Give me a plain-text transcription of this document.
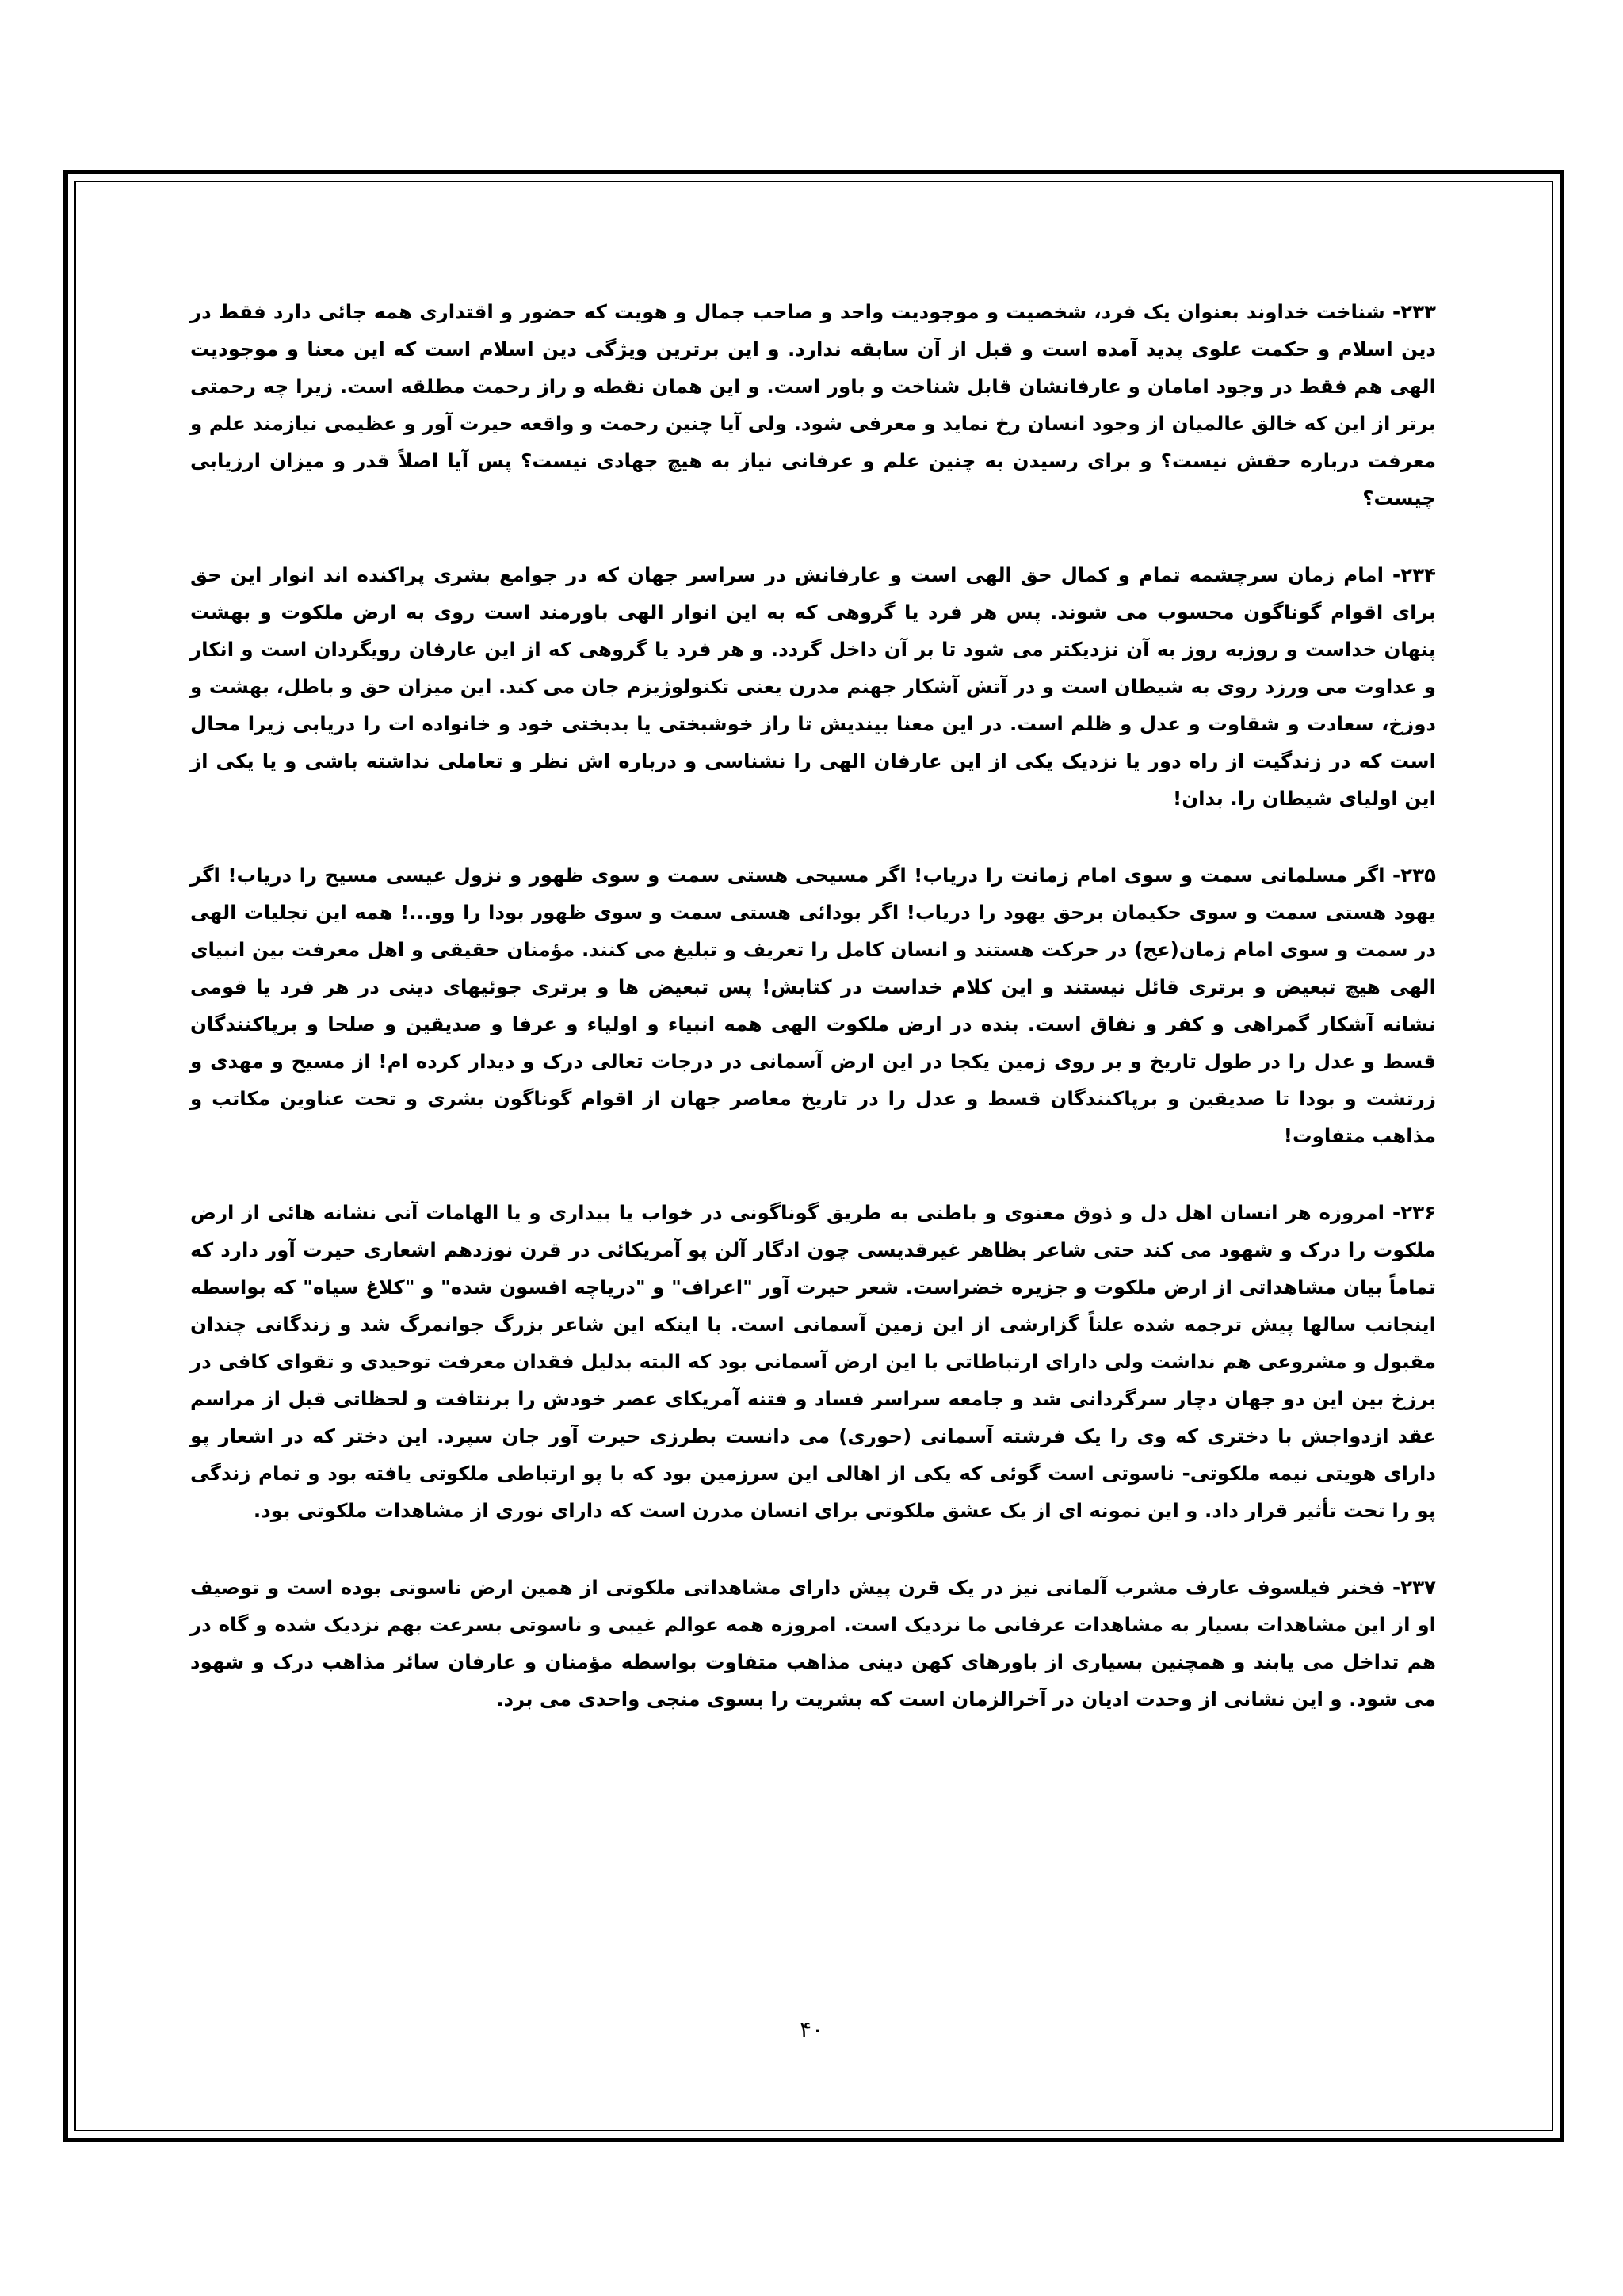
۲۳۳- شناخت خداوند بعنوان یک فرد، شخصیت و موجودیت واحد و صاحب جمال و هویت که حضور و اقتداری همه جائی دارد فقط در دین اسلام و حکمت علوی پدید آمده است و قبل از آن سابقه ندارد. و این برترین ویژگی دین اسلام است که این معنا و موجودیت الهی هم فقط در وجود امامان و عارفانشان قابل شناخت و باور است. و این همان نقطه و راز رحمت مطلقه است. زیرا چه رحمتی برتر از این که خالق عالمیان از وجود انسان رخ نماید و معرفی شود. ولی آیا چنین رحمت و واقعه حیرت آور و عظیمی نیازمند علم و معرفت درباره حقش نیست؟ و برای رسیدن به چنین علم و عرفانی نیاز به هیچ جهادی نیست؟ پس آیا اصلاً قدر و میزان ارزیابی چیست؟

۲۳۴- امام زمان سرچشمه تمام و کمال حق الهی است و عارفانش در سراسر جهان که در جوامع بشری پراکنده اند انوار این حق برای اقوام گوناگون محسوب می شوند. پس هر فرد یا گروهی که به این انوار الهی باورمند است روی به ارض ملکوت و بهشت پنهان خداست و روزبه روز به آن نزدیکتر می شود تا بر آن داخل گردد. و هر فرد یا گروهی که از این عارفان رویگردان است و انکار و عداوت می ورزد روی به شیطان است و در آتش آشکار جهنم مدرن یعنی تکنولوژیزم جان می کند. این میزان حق و باطل، بهشت و دوزخ، سعادت و شقاوت و عدل و ظلم است. در این معنا بیندیش تا راز خوشبختی یا بدبختی خود و خانواده ات را دریابی زیرا محال است که در زندگیت از راه دور یا نزدیک یکی از این عارفان الهی را نشناسی و درباره اش نظر و تعاملی نداشته باشی و یا یکی از این اولیای شیطان را. بدان!

۲۳۵- اگر مسلمانی سمت و سوی امام زمانت را دریاب! اگر مسیحی هستی سمت و سوی ظهور و نزول عیسی مسیح را دریاب! اگر یهود هستی سمت و سوی حکیمان برحق یهود را دریاب! اگر بودائی هستی سمت و سوی ظهور بودا را وو...! همه این تجلیات الهی در سمت و سوی امام زمان(عج) در حرکت هستند و انسان کامل را تعریف و تبلیغ می کنند. مؤمنان حقیقی و اهل معرفت بین انبیای الهی هیچ تبعیض و برتری قائل نیستند و این کلام خداست در کتابش! پس تبعیض ها و برتری جوئیهای دینی در هر فرد یا قومی نشانه آشکار گمراهی و کفر و نفاق است. بنده در ارض ملکوت الهی همه انبیاء و اولیاء و عرفا و صدیقین و صلحا و برپاکنندگان قسط و عدل را در طول تاریخ و بر روی زمین یکجا در این ارض آسمانی در درجات تعالی درک و دیدار کرده ام! از مسیح و مهدی و زرتشت و بودا تا صدیقین و برپاکنندگان قسط و عدل را در تاریخ معاصر جهان از اقوام گوناگون بشری و تحت عناوین مکاتب و مذاهب متفاوت!

۲۳۶- امروزه هر انسان اهل دل و ذوق معنوی و باطنی به طریق گوناگونی در خواب یا بیداری و یا الهامات آنی نشانه هائی از ارض ملکوت را درک و شهود می کند حتی شاعر بظاهر غیرقدیسی چون ادگار آلن پو آمریکائی در قرن نوزدهم اشعاری حیرت آور دارد که تماماً بیان مشاهداتی از ارض ملکوت و جزیره خضراست. شعر حیرت آور "اعراف" و "دریاچه افسون شده" و "کلاغ سیاه" که بواسطه اینجانب سالها پیش ترجمه شده علناً گزارشی از این زمین آسمانی است. با اینکه این شاعر بزرگ جوانمرگ شد و زندگانی چندان مقبول و مشروعی هم نداشت ولی دارای ارتباطاتی با این ارض آسمانی بود که البته بدلیل فقدان معرفت توحیدی و تقوای کافی در برزخ بین این دو جهان دچار سرگردانی شد و جامعه سراسر فساد و فتنه آمریکای عصر خودش را برنتافت و لحظاتی قبل از مراسم عقد ازدواجش با دختری که وی را یک فرشته آسمانی (حوری) می دانست بطرزی حیرت آور جان سپرد. این دختر که در اشعار پو دارای هویتی نیمه ملکوتی- ناسوتی است گوئی که یکی از اهالی این سرزمین بود که با پو ارتباطی ملکوتی یافته بود و تمام زندگی پو را تحت تأثیر قرار داد. و این نمونه ای از یک عشق ملکوتی برای انسان مدرن است که دارای نوری از مشاهدات ملکوتی بود.

۲۳۷- فخنر فیلسوف عارف مشرب آلمانی نیز در یک قرن پیش دارای مشاهداتی ملکوتی از همین ارض ناسوتی بوده است و توصیف او از این مشاهدات بسیار به مشاهدات عرفانی ما نزدیک است. امروزه همه عوالم غیبی و ناسوتی بسرعت بهم نزدیک شده و گاه در هم تداخل می یابند و همچنین بسیاری از باورهای کهن دینی مذاهب متفاوت بواسطه مؤمنان و عارفان سائر مذاهب درک و شهود می شود. و این نشانی از وحدت ادیان در آخرالزمان است که بشریت را بسوی منجی واحدی می برد.

۴۰
